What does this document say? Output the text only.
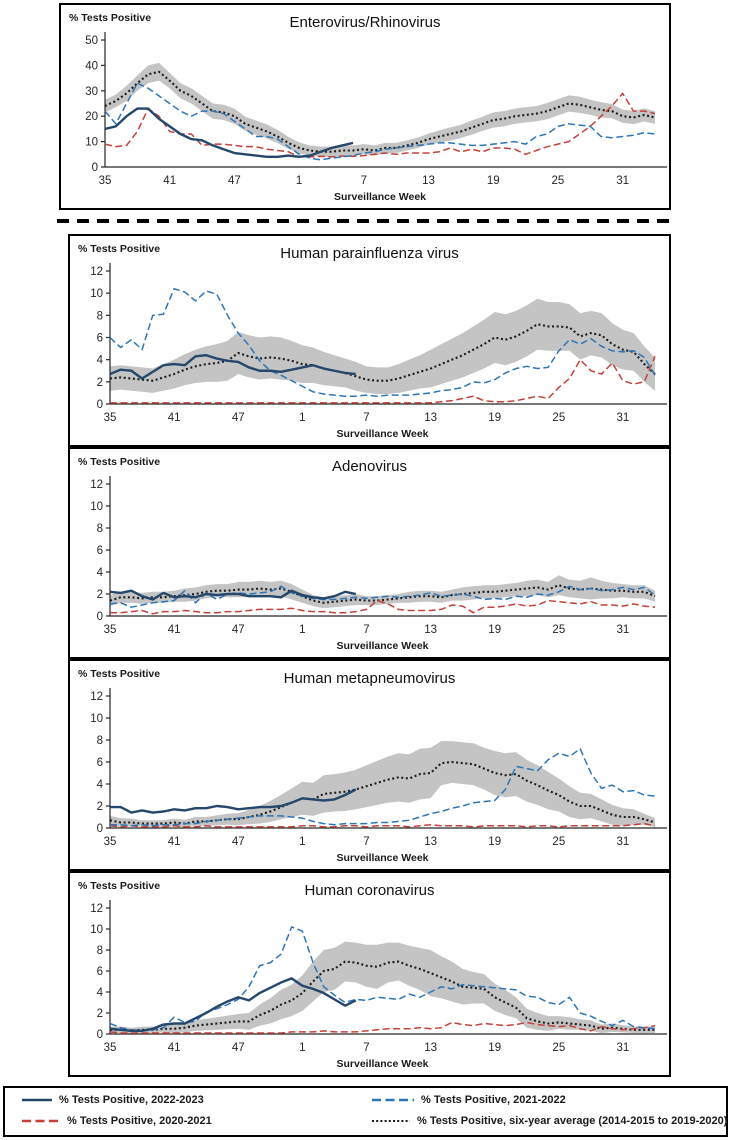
% Tests Positive	Enterovirus/Rhinovirus
0
10
20
30
40
50
35	41	47	1	7	13	19	25	31
Surveillance Week
% Tests Positive	Human parainfluenza virus
0
2
4
6
8
10
12
35	41	47	1	7	13	19	25	31
Surveillance Week
% Tests Positive	Adenovirus
0
2
4
6
8
10
12
35	41	47	1	7	13	19	25	31
Surveillance Week
% Tests Positive	Human metapneumovirus
0
2
4
6
8
10
12
35	41	47	1	7	13	19	25	31
Surveillance Week
% Tests Positive	Human coronavirus
0
2
4
6
8
10
12
35	41	47	1	7	13	19	25	31
Surveillance Week
% Tests Positive, 2022-2023	% Tests Positive, 2021-2022
% Tests Positive, 2020-2021	% Tests Positive, six-year average (2014-2015 to 2019-2020)
